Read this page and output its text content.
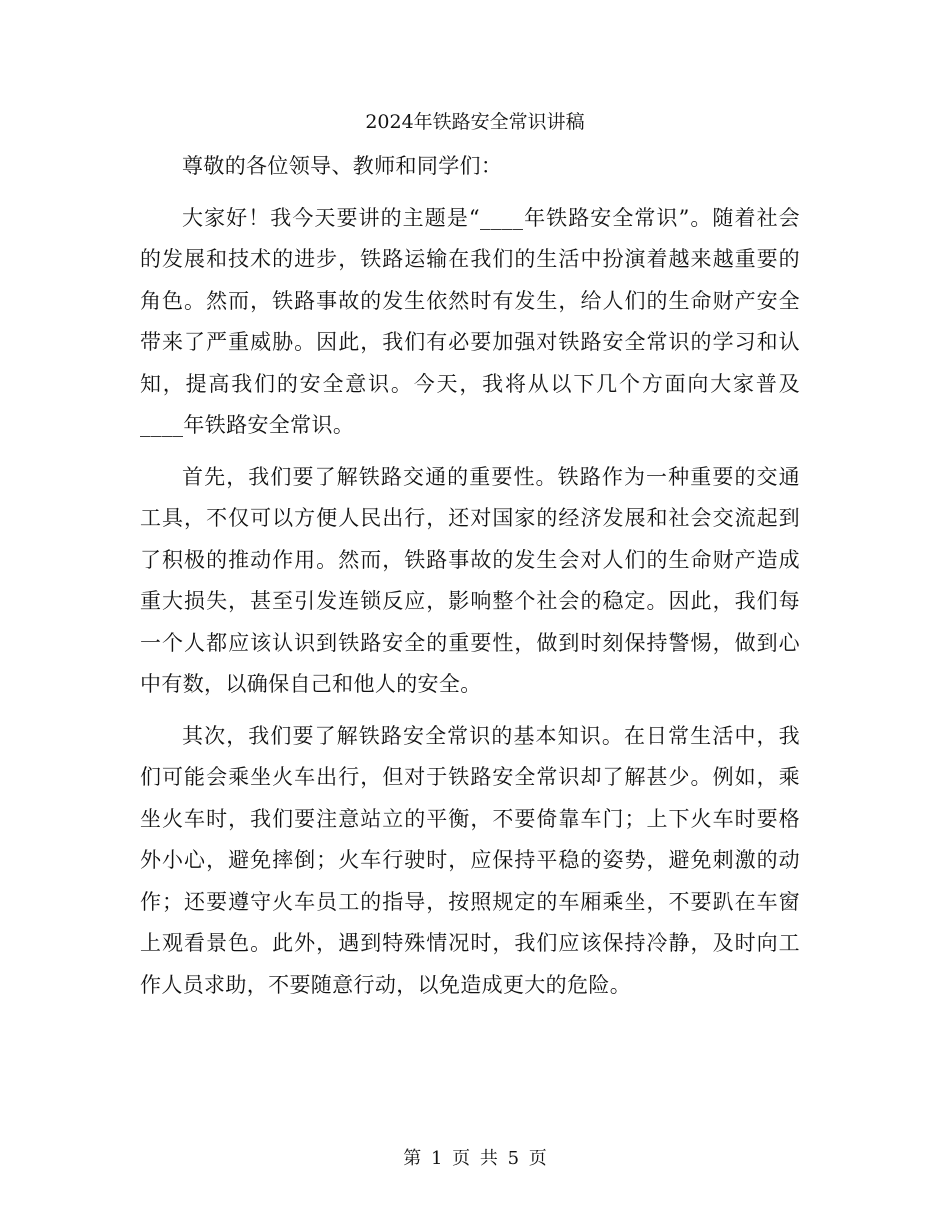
2024年铁路安全常识讲稿

尊敬的各位领导、教师和同学们：

大家好！我今天要讲的主题是“____年铁路安全常识”。随着社会的发展和技术的进步，铁路运输在我们的生活中扮演着越来越重要的角色。然而，铁路事故的发生依然时有发生，给人们的生命财产安全带来了严重威胁。因此，我们有必要加强对铁路安全常识的学习和认知，提高我们的安全意识。今天，我将从以下几个方面向大家普及____年铁路安全常识。

首先，我们要了解铁路交通的重要性。铁路作为一种重要的交通工具，不仅可以方便人民出行，还对国家的经济发展和社会交流起到了积极的推动作用。然而，铁路事故的发生会对人们的生命财产造成重大损失，甚至引发连锁反应，影响整个社会的稳定。因此，我们每一个人都应该认识到铁路安全的重要性，做到时刻保持警惕，做到心中有数，以确保自己和他人的安全。

其次，我们要了解铁路安全常识的基本知识。在日常生活中，我们可能会乘坐火车出行，但对于铁路安全常识却了解甚少。例如，乘坐火车时，我们要注意站立的平衡，不要倚靠车门；上下火车时要格外小心，避免摔倒；火车行驶时，应保持平稳的姿势，避免刺激的动作；还要遵守火车员工的指导，按照规定的车厢乘坐，不要趴在车窗上观看景色。此外，遇到特殊情况时，我们应该保持冷静，及时向工作人员求助，不要随意行动，以免造成更大的危险。

第 1 页 共 5 页
